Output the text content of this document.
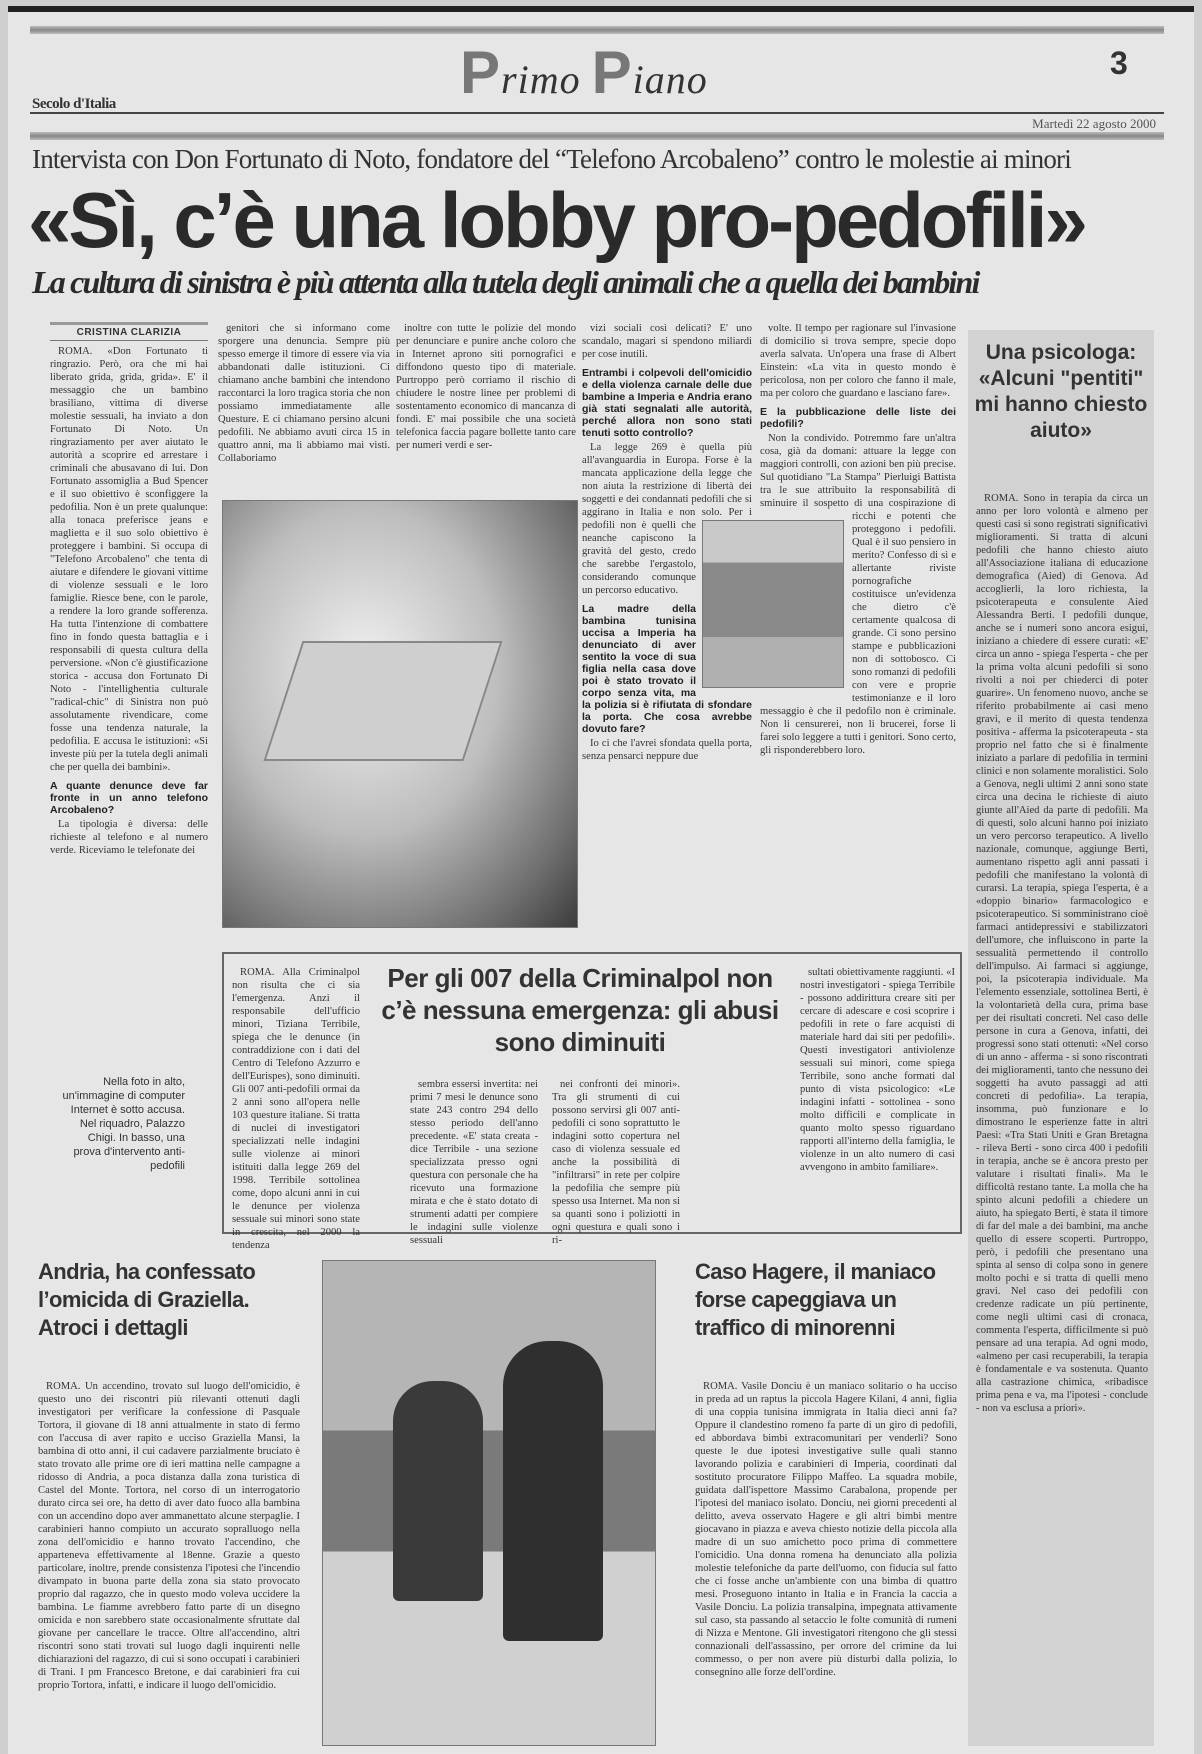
Primo Piano	3
Secolo d'Italia
Martedì 22 agosto 2000
Intervista con Don Fortunato di Noto, fondatore del “Telefono Arcobaleno” contro le molestie ai minori
«Sì, c’è una lobby pro-pedofili»
La cultura di sinistra è più attenta alla tutela degli animali che a quella dei bambini
CRISTINA CLARIZIA

ROMA. «Don Fortunato ti ringrazio. Però, ora che mi hai liberato grida, grida, grida». E' il messaggio che un bambino brasiliano, vittima di diverse molestie sessuali, ha inviato a don Fortunato Di Noto. Un ringraziamento per aver aiutato le autorità a scoprire ed arrestare i criminali che abusavano di lui. Don Fortunato assomiglia a Bud Spencer e il suo obiettivo è sconfiggere la pedofilia. Non è un prete qualunque: alla tonaca preferisce jeans e maglietta e il suo solo obiettivo è proteggere i bambini. Si occupa di "Telefono Arcobaleno" che tenta di aiutare e difendere le giovani vittime di violenze sessuali e le loro famiglie. Riesce bene, con le parole, a rendere la loro grande sofferenza. Ha tutta l'intenzione di combattere fino in fondo questa battaglia e i responsabili di questa cultura della perversione. «Non c'è giustificazione storica - accusa don Fortunato Di Noto - l'intellighentia culturale "radical-chic" di Sinistra non può assolutamente rivendicare, come fosse una tendenza naturale, la pedofilia. E accusa le istituzioni: «Si investe più per la tutela degli animali che per quella dei bambini».

A quante denunce deve far fronte in un anno telefono Arcobaleno?

La tipologia è diversa: delle richieste al telefono e al numero verde. Riceviamo le telefonate dei

genitori che si informano come sporgere una denuncia. Sempre più spesso emerge il timore di essere via via abbandonati dalle istituzioni. Ci chiamano anche bambini che intendono raccontarci la loro tragica storia che non possiamo immediatamente alle Questure. E ci chiamano persino alcuni pedofili. Ne abbiamo avuti circa 15 in quattro anni, ma li abbiamo mai visti. Collaboriamo

inoltre con tutte le polizie del mondo per denunciare e punire anche coloro che in Internet aprono siti pornografici e diffondono questo tipo di materiale. Purtroppo però corriamo il rischio di chiudere le nostre linee per problemi di sostentamento economico di mancanza di fondi. E' mai possibile che una società telefonica faccia pagare bollette tanto care per numeri verdi e ser-

vizi sociali così delicati? E' uno scandalo, magari si spendono miliardi per cose inutili.

Entrambi i colpevoli dell'omicidio e della violenza carnale delle due bambine a Imperia e Andria erano già stati segnalati alle autorità, perché allora non sono stati tenuti sotto controllo?

La legge 269 è quella più all'avanguardia in Europa. Forse è la mancata applicazione della legge che non aiuta la restrizione di libertà dei soggetti e dei condannati pedofili che si aggirano in Italia e non solo. Per i pedofili non è quelli che neanche capiscono la gravità del gesto, credo che sarebbe l'ergastolo, considerando comunque un percorso educativo.

La madre della bambina tunisina uccisa a Imperia ha denunciato di aver sentito la voce di sua figlia nella casa dove poi è stato trovato il corpo senza vita, ma la polizia si è rifiutata di sfondare la porta. Che cosa avrebbe dovuto fare?

Io ci che l'avrei sfondata quella porta, senza pensarci neppure due

volte. Il tempo per ragionare sul l'invasione di domicilio si trova sempre, specie dopo averla salvata. Un'opera una frase di Albert Einstein: «La vita in questo mondo è pericolosa, non per coloro che fanno il male, ma per coloro che guardano e lasciano fare».

E la pubblicazione delle liste dei pedofili?

Non la condivido. Potremmo fare un'altra cosa, già da domani: attuare la legge con maggiori controlli, con azioni ben più precise. Sul quotidiano "La Stampa" Pierluigi Battista tra le sue attribuito la responsabilità di sminuire il sospetto di una cospirazione di ricchi e potenti che proteggono i pedofili. Qual è il suo pensiero in merito? Confesso di sì e allertante riviste pornografiche costituisce un'evidenza che dietro c'è certamente qualcosa di grande. Ci sono persino stampe e pubblicazioni non di sottobosco. Ci sono romanzi di pedofili con vere e proprie testimonianze e il loro messaggio è che il pedofilo non è criminale. Non li censurerei, non li brucerei, forse li farei solo leggere a tutti i genitori. Sono certo, gli risponderebbero loro.

Una psicologa: «Alcuni "pentiti" mi hanno chiesto aiuto»

ROMA. Sono in terapia da circa un anno per loro volontà e almeno per questi casi si sono registrati significativi miglioramenti. Si tratta di alcuni pedofili che hanno chiesto aiuto all'Associazione italiana di educazione demografica (Aied) di Genova. Ad accoglierli, la loro richiesta, la psicoterapeuta e consulente Aied Alessandra Berti. I pedofili dunque, anche se i numeri sono ancora esigui, iniziano a chiedere di essere curati: «E' circa un anno - spiega l'esperta - che per la prima volta alcuni pedofili si sono rivolti a noi per chiederci di poter guarire». Un fenomeno nuovo, anche se riferito probabilmente ai casi meno gravi, e il merito di questa tendenza positiva - afferma la psicoterapeuta - sta proprio nel fatto che si è finalmente iniziato a parlare di pedofilia in termini clinici e non solamente moralistici. Solo a Genova, negli ultimi 2 anni sono state circa una decina le richieste di aiuto giunte all'Aied da parte di pedofili. Ma di questi, solo alcuni hanno poi iniziato un vero percorso terapeutico. A livello nazionale, comunque, aggiunge Berti, aumentano rispetto agli anni passati i pedofili che manifestano la volontà di curarsi. La terapia, spiega l'esperta, è a «doppio binario» farmacologico e psicoterapeutico. Si somministrano cioè farmaci antidepressivi e stabilizzatori dell'umore, che influiscono in parte la sessualità permettendo il controllo dell'impulso. Ai farmaci si aggiunge, poi, la psicoterapia individuale. Ma l'elemento essenziale, sottolinea Berti, è la volontarietà della cura, prima base per dei risultati concreti. Nel caso delle persone in cura a Genova, infatti, dei progressi sono stati ottenuti: «Nel corso di un anno - afferma - si sono riscontrati dei miglioramenti, tanto che nessuno dei soggetti ha avuto passaggi ad atti concreti di pedofilia». La terapia, insomma, può funzionare e lo dimostrano le esperienze fatte in altri Paesi: «Tra Stati Uniti e Gran Bretagna - rileva Berti - sono circa 400 i pedofili in terapia, anche se è ancora presto per valutare i risultati finali». Ma le difficoltà restano tante. La molla che ha spinto alcuni pedofili a chiedere un aiuto, ha spiegato Berti, è stata il timore di far del male a dei bambini, ma anche quello di essere scoperti. Purtroppo, però, i pedofili che presentano una spinta al senso di colpa sono in genere molto pochi e si tratta di quelli meno gravi. Nel caso dei pedofili con credenze radicate un più pertinente, come negli ultimi casi di cronaca, commenta l'esperta, difficilmente si può pensare ad una terapia. Ad ogni modo, «almeno per casi recuperabili, la terapia è fondamentale e va sostenuta. Quanto alla castrazione chimica, «ribadisce prima pena e va, ma l'ipotesi - conclude - non va esclusa a priori».

Per gli 007 della Criminalpol non c’è nessuna emergenza: gli abusi sono diminuiti

ROMA. Alla Criminalpol non risulta che ci sia l'emergenza. Anzi il responsabile dell'ufficio minori, Tiziana Terribile, spiega che le denunce (in contraddizione con i dati del Centro di Telefono Azzurro e dell'Eurispes), sono diminuiti. Gli 007 anti-pedofili ormai da 2 anni sono all'opera nelle 103 questure italiane. Si tratta di nuclei di investigatori specializzati nelle indagini sulle violenze ai minori istituiti dalla legge 269 del 1998. Terribile sottolinea come, dopo alcuni anni in cui le denunce per violenza sessuale sui minori sono state in crescita, nel 2000 la tendenza

sembra essersi invertita: nei primi 7 mesi le denunce sono state 243 contro 294 dello stesso periodo dell'anno precedente. «E' stata creata - dice Terribile - una sezione specializzata presso ogni questura con personale che ha ricevuto una formazione mirata e che è stato dotato di strumenti adatti per compiere le indagini sulle violenze sessuali

nei confronti dei minori». Tra gli strumenti di cui possono servirsi gli 007 anti-pedofili ci sono soprattutto le indagini sotto copertura nel caso di violenza sessuale ed anche la possibilità di "infiltrarsi" in rete per colpire la pedofilia che sempre più spesso usa Internet. Ma non si sa quanti sono i poliziotti in ogni questura e quali sono i ri-

sultati obiettivamente raggiunti. «I nostri investigatori - spiega Terribile - possono addirittura creare siti per cercare di adescare e così scoprire i pedofili in rete o fare acquisti di materiale hard dai siti per pedofili». Questi investigatori antiviolenze sessuali sui minori, come spiega Terribile, sono anche formati dal punto di vista psicologico: «Le indagini infatti - sottolinea - sono molto difficili e complicate in quanto molto spesso riguardano rapporti all'interno della famiglia, le violenze in un alto numero di casi avvengono in ambito familiare».

Nella foto in alto, un'immagine di computer Internet è sotto accusa. Nel riquadro, Palazzo Chigi. In basso, una prova d'intervento anti-pedofili
Andria, ha confessato l’omicida di Graziella. Atroci i dettagli

ROMA. Un accendino, trovato sul luogo dell'omicidio, è questo uno dei riscontri più rilevanti ottenuti dagli investigatori per verificare la confessione di Pasquale Tortora, il giovane di 18 anni attualmente in stato di fermo con l'accusa di aver rapito e ucciso Graziella Mansi, la bambina di otto anni, il cui cadavere parzialmente bruciato è stato trovato alle prime ore di ieri mattina nelle campagne a ridosso di Andria, a poca distanza dalla zona turistica di Castel del Monte. Tortora, nel corso di un interrogatorio durato circa sei ore, ha detto di aver dato fuoco alla bambina con un accendino dopo aver ammanettato alcune sterpaglie. I carabinieri hanno compiuto un accurato sopralluogo nella zona dell'omicidio e hanno trovato l'accendino, che apparteneva effettivamente al 18enne. Grazie a questo particolare, inoltre, prende consistenza l'ipotesi che l'incendio divampato in buona parte della zona sia stato provocato proprio dal ragazzo, che in questo modo voleva uccidere la bambina. Le fiamme avrebbero fatto parte di un disegno omicida e non sarebbero state occasionalmente sfruttate dal giovane per cancellare le tracce. Oltre all'accendino, altri riscontri sono stati trovati sul luogo dagli inquirenti nelle dichiarazioni del ragazzo, di cui si sono occupati i carabinieri di Trani. I pm Francesco Bretone, e dai carabinieri fra cui proprio Tortora, infatti, e indicare il luogo dell'omicidio.

Caso Hagere, il maniaco forse capeggiava un traffico di minorenni

ROMA. Vasile Donciu è un maniaco solitario o ha ucciso in preda ad un raptus la piccola Hagere Kilani, 4 anni, figlia di una coppia tunisina immigrata in Italia dieci anni fa? Oppure il clandestino romeno fa parte di un giro di pedofili, ed abbordava bimbi extracomunitari per venderli? Sono queste le due ipotesi investigative sulle quali stanno lavorando polizia e carabinieri di Imperia, coordinati dal sostituto procuratore Filippo Maffeo. La squadra mobile, guidata dall'ispettore Massimo Carabalona, propende per l'ipotesi del maniaco isolato. Donciu, nei giorni precedenti al delitto, aveva osservato Hagere e gli altri bimbi mentre giocavano in piazza e aveva chiesto notizie della piccola alla madre di un suo amichetto poco prima di commettere l'omicidio. Una donna romena ha denunciato alla polizia molestie telefoniche da parte dell'uomo, con fiducia sul fatto che ci fosse anche un'ambiente con una bimba di quattro mesi. Proseguono intanto in Italia e in Francia la caccia a Vasile Donciu. La polizia transalpina, impegnata attivamente sul caso, sta passando al setaccio le folte comunità di rumeni di Nizza e Mentone. Gli investigatori ritengono che gli stessi connazionali dell'assassino, per orrore del crimine da lui commesso, o per non avere più disturbi dalla polizia, lo consegnino alle forze dell'ordine.
